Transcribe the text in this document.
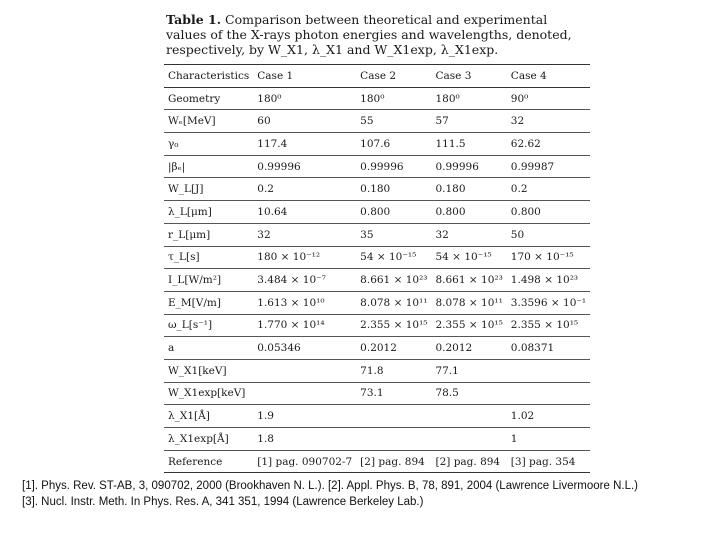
Table 1. Comparison between theoretical and experimental values of the X-rays photon energies and wavelengths, denoted, respectively, by W_X1, λ_X1 and W_X1exp, λ_X1exp.
Characteristics	Case 1	Case 2	Case 3	Case 4
Geometry	180⁰	180⁰	180⁰	90⁰
Wₑ[MeV]	60	55	57	32
γ₀	117.4	107.6	111.5	62.62
|βₑ|	0.99996	0.99996	0.99996	0.99987
W_L[J]	0.2	0.180	0.180	0.2
λ_L[μm]	10.64	0.800	0.800	0.800
r_L[μm]	32	35	32	50
τ_L[s]	180 × 10⁻¹²	54 × 10⁻¹⁵	54 × 10⁻¹⁵	170 × 10⁻¹⁵
I_L[W/m²]	3.484 × 10⁻⁷	8.661 × 10²³	8.661 × 10²³	1.498 × 10²³
E_M[V/m]	1.613 × 10¹⁰	8.078 × 10¹¹	8.078 × 10¹¹	3.3596 × 10⁻¹
ω_L[s⁻¹]	1.770 × 10¹⁴	2.355 × 10¹⁵	2.355 × 10¹⁵	2.355 × 10¹⁵
a	0.05346	0.2012	0.2012	0.08371
W_X1[keV]		71.8	77.1	
W_X1exp[keV]		73.1	78.5	
λ_X1[Å]	1.9			1.02
λ_X1exp[Å]	1.8			1
Reference	[1] pag. 090702-7	[2] pag. 894	[2] pag. 894	[3] pag. 354
[1]. Phys. Rev. ST-AB, 3, 090702, 2000 (Brookhaven N. L.). [2]. Appl. Phys. B, 78, 891, 2004 (Lawrence Livermoore N.L.)
[3]. Nucl. Instr. Meth. In Phys. Res. A, 341 351, 1994 (Lawrence Berkeley Lab.)
